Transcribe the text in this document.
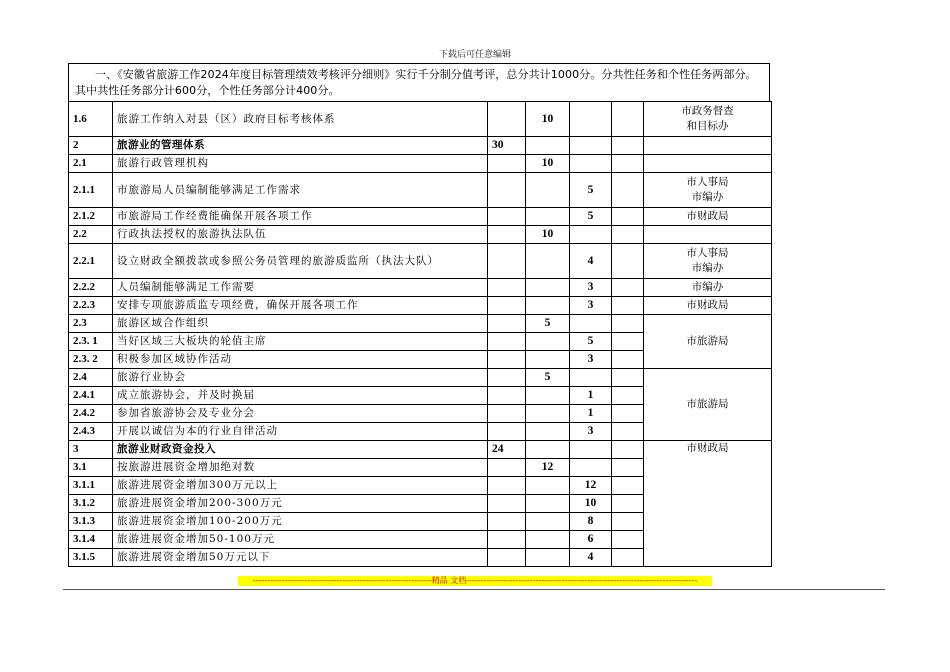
下载后可任意编辑
一、《安徽省旅游工作2024年度目标管理绩效考核评分细则》实行千分制分值考评，总分共计1000分。分共性任务和个性任务两部分。其中共性任务部分计600分，个性任务部分计400分。
1.6	旅游工作纳入对县（区）政府目标考核体系		10			市政务督查
和目标办
2	旅游业的管理体系	30				
2.1	旅游行政管理机构		10			
2.1.1	市旅游局人员编制能够满足工作需求			5		市人事局
市编办
2.1.2	市旅游局工作经费能确保开展各项工作			5		市财政局
2.2	行政执法授权的旅游执法队伍		10			
2.2.1	设立财政全额拨款或参照公务员管理的旅游质监所（执法大队）			4		市人事局
市编办
2.2.2	人员编制能够满足工作需要			3		市编办
2.2.3	安排专项旅游质监专项经费，确保开展各项工作			3		市财政局
2.3	旅游区域合作组织		5			市旅游局
2.3. 1	当好区域三大板块的轮值主席			5		
2.3. 2	积极参加区域协作活动			3		
2.4	旅游行业协会		5			市旅游局
2.4.1	成立旅游协会，并及时换届			1		
2.4.2	参加省旅游协会及专业分会			1		
2.4.3	开展以诚信为本的行业自律活动			3		
3	旅游业财政资金投入	24				市财政局
3.1	按旅游进展资金增加绝对数		12			
3.1.1	旅游进展资金增加300万元以上			12		
3.1.2	旅游进展资金增加200-300万元			10		
3.1.3	旅游进展资金增加100-200万元			8		
3.1.4	旅游进展资金增加50-100万元			6		
3.1.5	旅游进展资金增加50万元以下			4		
--------------------------------------------------------------精品 文档--------------------------------------------------------------------------------
